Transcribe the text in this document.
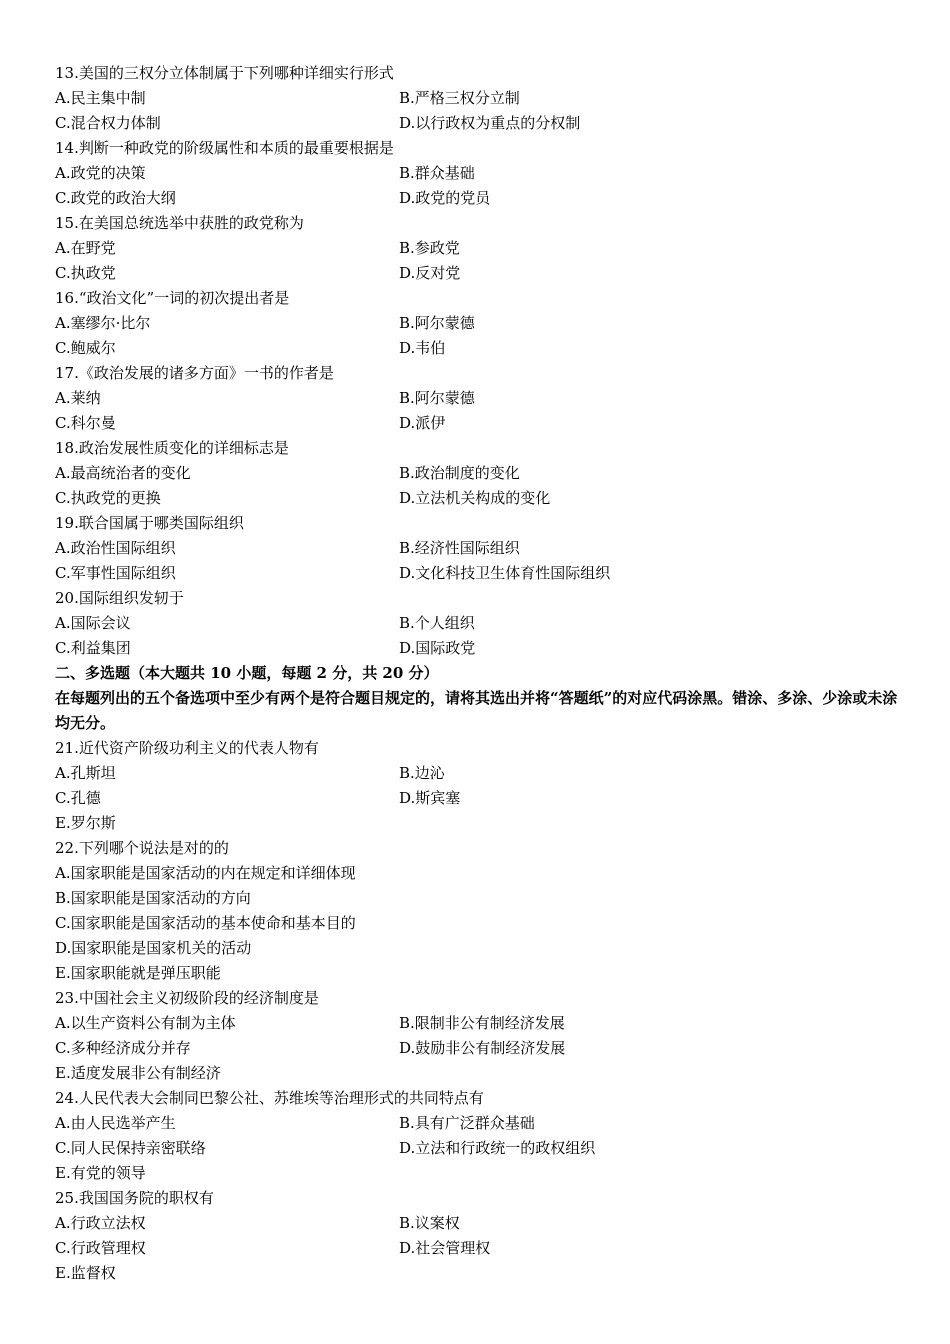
13.美国的三权分立体制属于下列哪种详细实行形式
A.民主集中制	B.严格三权分立制
C.混合权力体制	D.以行政权为重点的分权制
14.判断一种政党的阶级属性和本质的最重要根据是
A.政党的决策	B.群众基础
C.政党的政治大纲	D.政党的党员
15.在美国总统选举中获胜的政党称为
A.在野党	B.参政党
C.执政党	D.反对党
16.“政治文化”一词的初次提出者是
A.塞缪尔·比尔	B.阿尔蒙德
C.鲍威尔	D.韦伯
17.《政治发展的诸多方面》一书的作者是
A.莱纳	B.阿尔蒙德
C.科尔曼	D.派伊
18.政治发展性质变化的详细标志是
A.最高统治者的变化	B.政治制度的变化
C.执政党的更换	D.立法机关构成的变化
19.联合国属于哪类国际组织
A.政治性国际组织	B.经济性国际组织
C.军事性国际组织	D.文化科技卫生体育性国际组织
20.国际组织发轫于
A.国际会议	B.个人组织
C.利益集团	D.国际政党
二、多选题（本大题共 10 小题，每题 2 分，共 20 分）
在每题列出的五个备选项中至少有两个是符合题目规定的，请将其选出并将“答题纸”的对应代码涂黑。错涂、多涂、少涂或未涂均无分。
21.近代资产阶级功利主义的代表人物有
A.孔斯坦	B.边沁
C.孔德	D.斯宾塞
E.罗尔斯
22.下列哪个说法是对的的
A.国家职能是国家活动的内在规定和详细体现
B.国家职能是国家活动的方向
C.国家职能是国家活动的基本使命和基本目的
D.国家职能是国家机关的活动
E.国家职能就是弹压职能
23.中国社会主义初级阶段的经济制度是
A.以生产资料公有制为主体	B.限制非公有制经济发展
C.多种经济成分并存	D.鼓励非公有制经济发展
E.适度发展非公有制经济
24.人民代表大会制同巴黎公社、苏维埃等治理形式的共同特点有
A.由人民选举产生	B.具有广泛群众基础
C.同人民保持亲密联络	D.立法和行政统一的政权组织
E.有党的领导
25.我国国务院的职权有
A.行政立法权	B.议案权
C.行政管理权	D.社会管理权
E.监督权
